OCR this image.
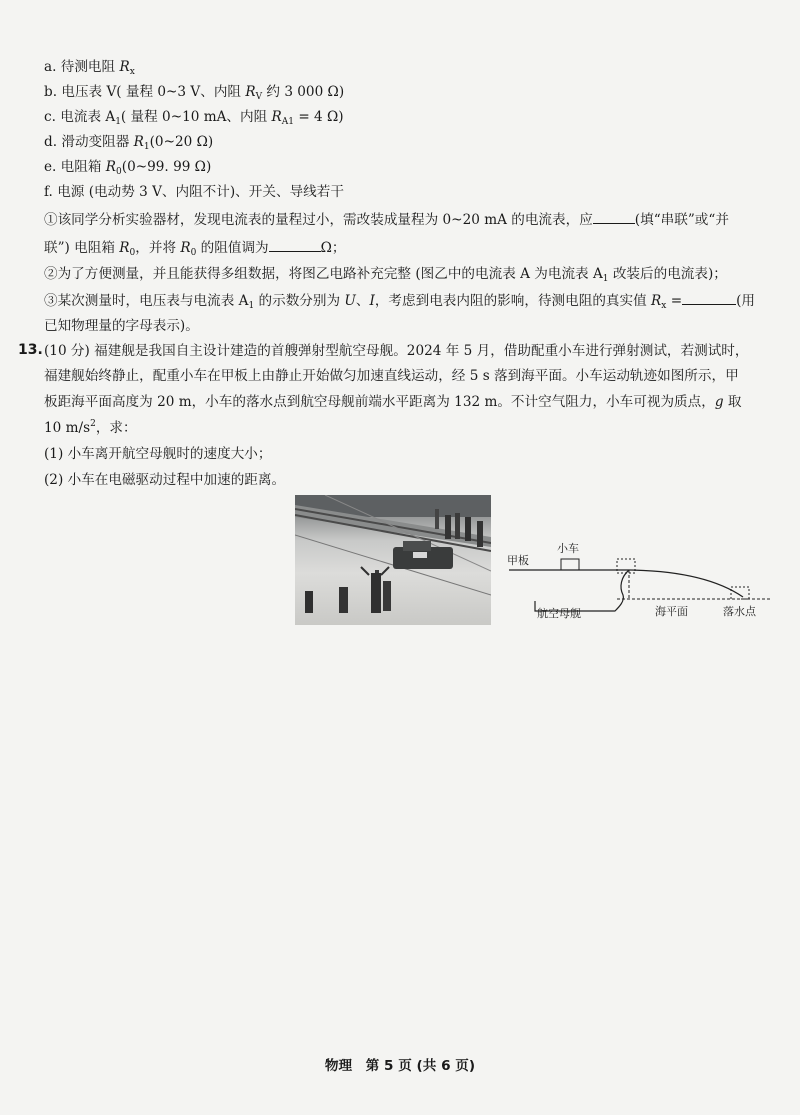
a. 待测电阻 $R_x$
b. 电压表 V( 量程 0~3 V、内阻 $R_V$ 约 3 000 Ω)
c. 电流表 $A_1$( 量程 0~10 mA、内阻 $R_{A1} = 4$ Ω)
d. 滑动变阻器 $R_1(0\sim 20$ Ω)
e. 电阻箱 $R_0(0\sim 99$. 99 Ω)
f. 电源 (电动势 3 V、内阻不计)、开关、导线若干
①该同学分析实验器材，发现电流表的量程过小，需改装成量程为 0~20 mA 的电流表，应	(填“串联”或“并
联”) 电阻箱 $R_0$，并将 $R_0$ 的阻值调为	Ω；
②为了方便测量，并且能获得多组数据，将图乙电路补充完整 (图乙中的电流表 A 为电流表 $A_1$ 改装后的电流表)；
③某次测量时，电压表与电流表 $A_1$ 的示数分别为 U、I，考虑到电表内阻的影响，待测电阻的真实值 $R_x$ =	(用
已知物理量的字母表示)。
13. (10 分) 福建舰是我国自主设计建造的首艘弹射型航空母舰。2024 年 5 月，借助配重小车进行弹射测试，若测试时，
福建舰始终静止，配重小车在甲板上由静止开始做匀加速直线运动，经 5 s 落到海平面。小车运动轨迹如图所示，甲
板距海平面高度为 20 m，小车的落水点到航空母舰前端水平距离为 132 m。不计空气阻力，小车可视为质点，g 取
10 $m/s^2$，求：
(1) 小车离开航空母舰时的速度大小；
(2) 小车在电磁驱动过程中加速的距离。
甲板
小车
航空母舰	海平面	落水点
物理　第 5 页 (共 6 页)
